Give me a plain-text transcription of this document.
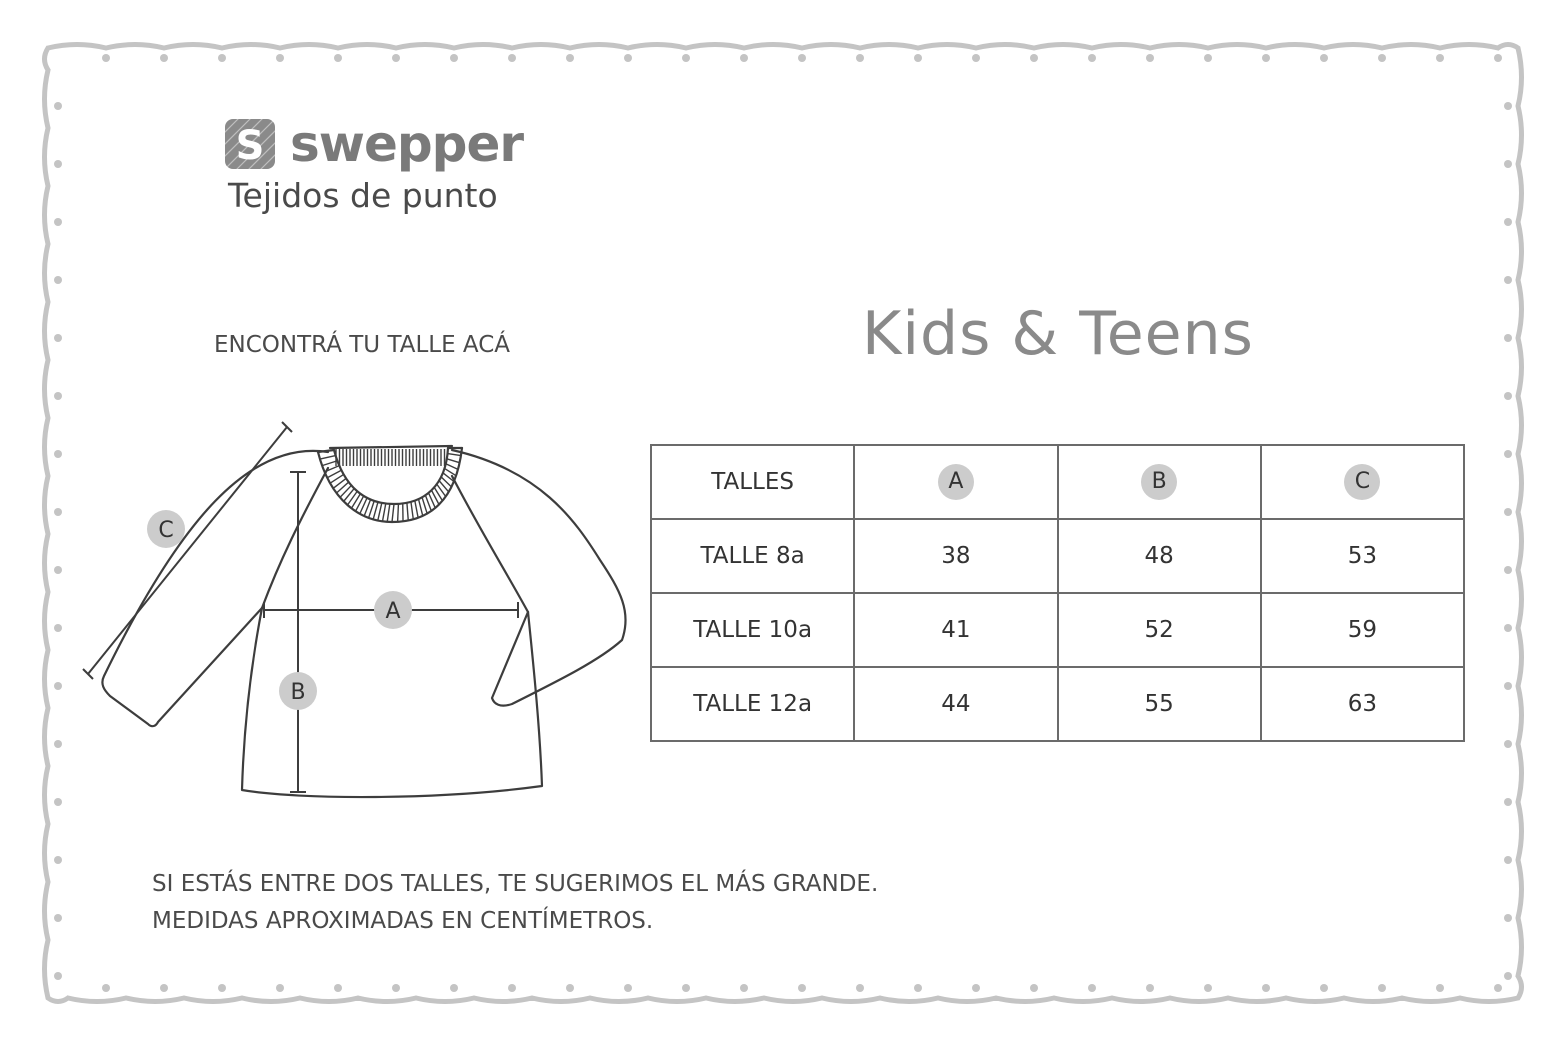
S swepper
Tejidos de punto
ENCONTRÁ TU TALLE ACÁ	Kids & Teens
C
A
B
TALLES	A	B	C
TALLE 8a	38	48	53
TALLE 10a	41	52	59
TALLE 12a	44	55	63
SI ESTÁS ENTRE DOS TALLES, TE SUGERIMOS EL MÁS GRANDE.
MEDIDAS APROXIMADAS EN CENTÍMETROS.
